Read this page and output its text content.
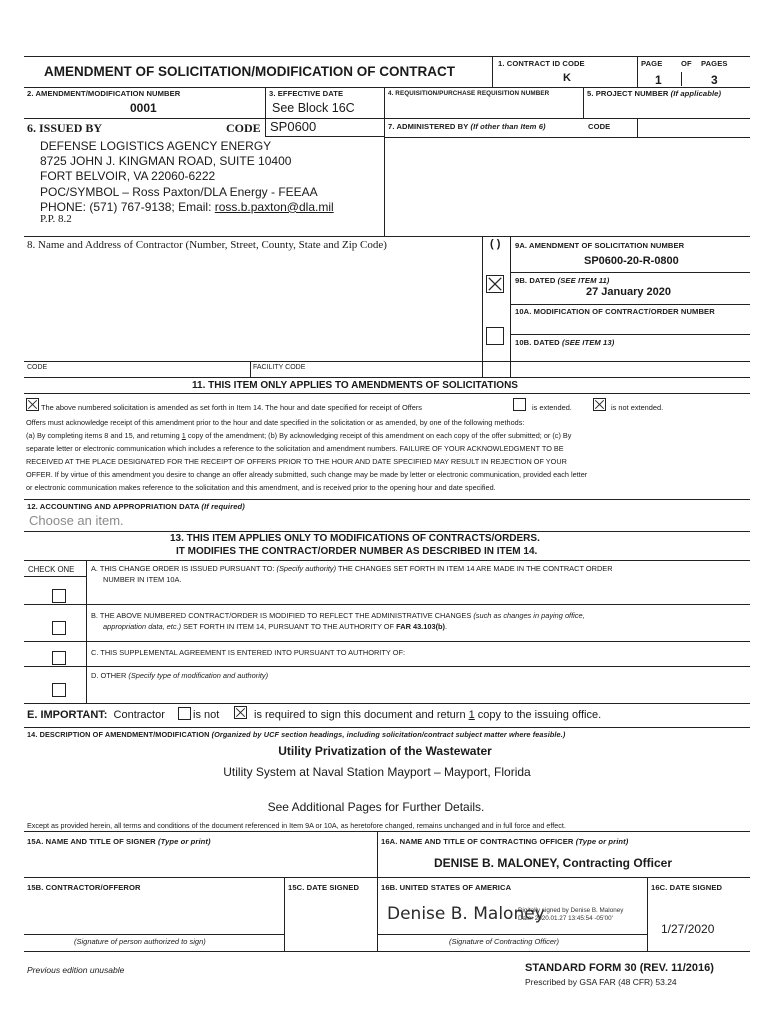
AMENDMENT OF SOLICITATION/MODIFICATION OF CONTRACT
1. CONTRACT ID CODE
K
PAGE OF PAGES
1	3
2. AMENDMENT/MODIFICATION NUMBER
0001
3. EFFECTIVE DATE
See Block 16C
4. REQUISITION/PURCHASE REQUISITION NUMBER	5. PROJECT NUMBER (If applicable)
6. ISSUED BY	CODE SP0600
DEFENSE LOGISTICS AGENCY ENERGY
8725 JOHN J. KINGMAN ROAD, SUITE 10400
FORT BELVOIR, VA 22060-6222
POC/SYMBOL – Ross Paxton/DLA Energy - FEEAA
PHONE: (571) 767-9138; Email: ross.b.paxton@dla.mil
P.P. 8.2
7. ADMINISTERED BY (If other than Item 6)	CODE
8. Name and Address of Contractor (Number, Street, County, State and Zip Code)	( ) 9A. AMENDMENT OF SOLICITATION NUMBER
SP0600-20-R-0800
9B. DATED (SEE ITEM 11)
27 January 2020
10A. MODIFICATION OF CONTRACT/ORDER NUMBER
10B. DATED (SEE ITEM 13)
CODE	FACILITY CODE
11. THIS ITEM ONLY APPLIES TO AMENDMENTS OF SOLICITATIONS
The above numbered solicitation is amended as set forth in Item 14. The hour and date specified for receipt of Offers	is extended.	is not extended.
Offers must acknowledge receipt of this amendment prior to the hour and date specified in the solicitation or as amended, by one of the following methods:
(a) By completing items 8 and 15, and returning 1 copy of the amendment; (b) By acknowledging receipt of this amendment on each copy of the offer submitted; or (c) By
separate letter or electronic communication which includes a reference to the solicitation and amendment numbers. FAILURE OF YOUR ACKNOWLEDGMENT TO BE
RECEIVED AT THE PLACE DESIGNATED FOR THE RECEIPT OF OFFERS PRIOR TO THE HOUR AND DATE SPECIFIED MAY RESULT IN REJECTION OF YOUR
OFFER. If by virtue of this amendment you desire to change an offer already submitted, such change may be made by letter or electronic communication, provided each letter
or electronic communication makes reference to the solicitation and this amendment, and is received prior to the opening hour and date specified.
12. ACCOUNTING AND APPROPRIATION DATA (If required)
Choose an item.
13. THIS ITEM APPLIES ONLY TO MODIFICATIONS OF CONTRACTS/ORDERS.
IT MODIFIES THE CONTRACT/ORDER NUMBER AS DESCRIBED IN ITEM 14.
CHECK ONE A. THIS CHANGE ORDER IS ISSUED PURSUANT TO: (Specify authority) THE CHANGES SET FORTH IN ITEM 14 ARE MADE IN THE CONTRACT ORDER
NUMBER IN ITEM 10A.
B. THE ABOVE NUMBERED CONTRACT/ORDER IS MODIFIED TO REFLECT THE ADMINISTRATIVE CHANGES (such as changes in paying office,
appropriation data, etc.) SET FORTH IN ITEM 14, PURSUANT TO THE AUTHORITY OF FAR 43.103(b).
C. THIS SUPPLEMENTAL AGREEMENT IS ENTERED INTO PURSUANT TO AUTHORITY OF:
D. OTHER (Specify type of modification and authority)
E. IMPORTANT: Contractor	is not	is required to sign this document and return 1 copy to the issuing office.
14. DESCRIPTION OF AMENDMENT/MODIFICATION (Organized by UCF section headings, including solicitation/contract subject matter where feasible.)
Utility Privatization of the Wastewater
Utility System at Naval Station Mayport – Mayport, Florida
See Additional Pages for Further Details.
Except as provided herein, all terms and conditions of the document referenced in Item 9A or 10A, as heretofore changed, remains unchanged and in full force and effect.
15A. NAME AND TITLE OF SIGNER (Type or print)	16A. NAME AND TITLE OF CONTRACTING OFFICER (Type or print)
DENISE B. MALONEY, Contracting Officer
15B. CONTRACTOR/OFFEROR	15C. DATE SIGNED	16B. UNITED STATES OF AMERICA	16C. DATE SIGNED
Denise B. Maloney
Digitally signed by Denise B. Maloney
Date: 2020.01.27 13:45:54 -05'00'
1/27/2020
(Signature of person authorized to sign)	(Signature of Contracting Officer)
Previous edition unusable	STANDARD FORM 30 (REV. 11/2016)
Prescribed by GSA FAR (48 CFR) 53.24
